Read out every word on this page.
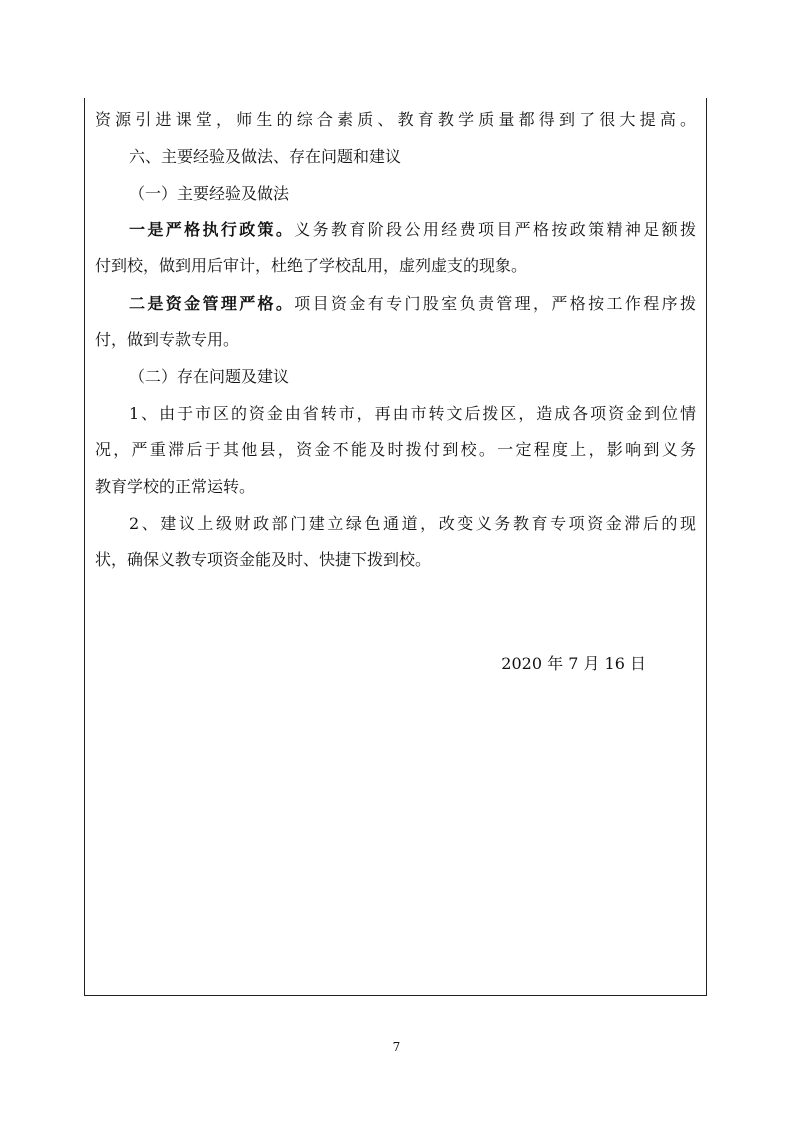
资源引进课堂，师生的综合素质、教育教学质量都得到了很大提高。
六、主要经验及做法、存在问题和建议
（一）主要经验及做法
一是严格执行政策。义务教育阶段公用经费项目严格按政策精神足额拨
付到校，做到用后审计，杜绝了学校乱用，虚列虚支的现象。
二是资金管理严格。项目资金有专门股室负责管理，严格按工作程序拨
付，做到专款专用。
（二）存在问题及建议
1、由于市区的资金由省转市，再由市转文后拨区，造成各项资金到位情
况，严重滞后于其他县，资金不能及时拨付到校。一定程度上，影响到义务
教育学校的正常运转。
2、建议上级财政部门建立绿色通道，改变义务教育专项资金滞后的现
状，确保义教专项资金能及时、快捷下拨到校。
2020 年 7 月 16 日
7
